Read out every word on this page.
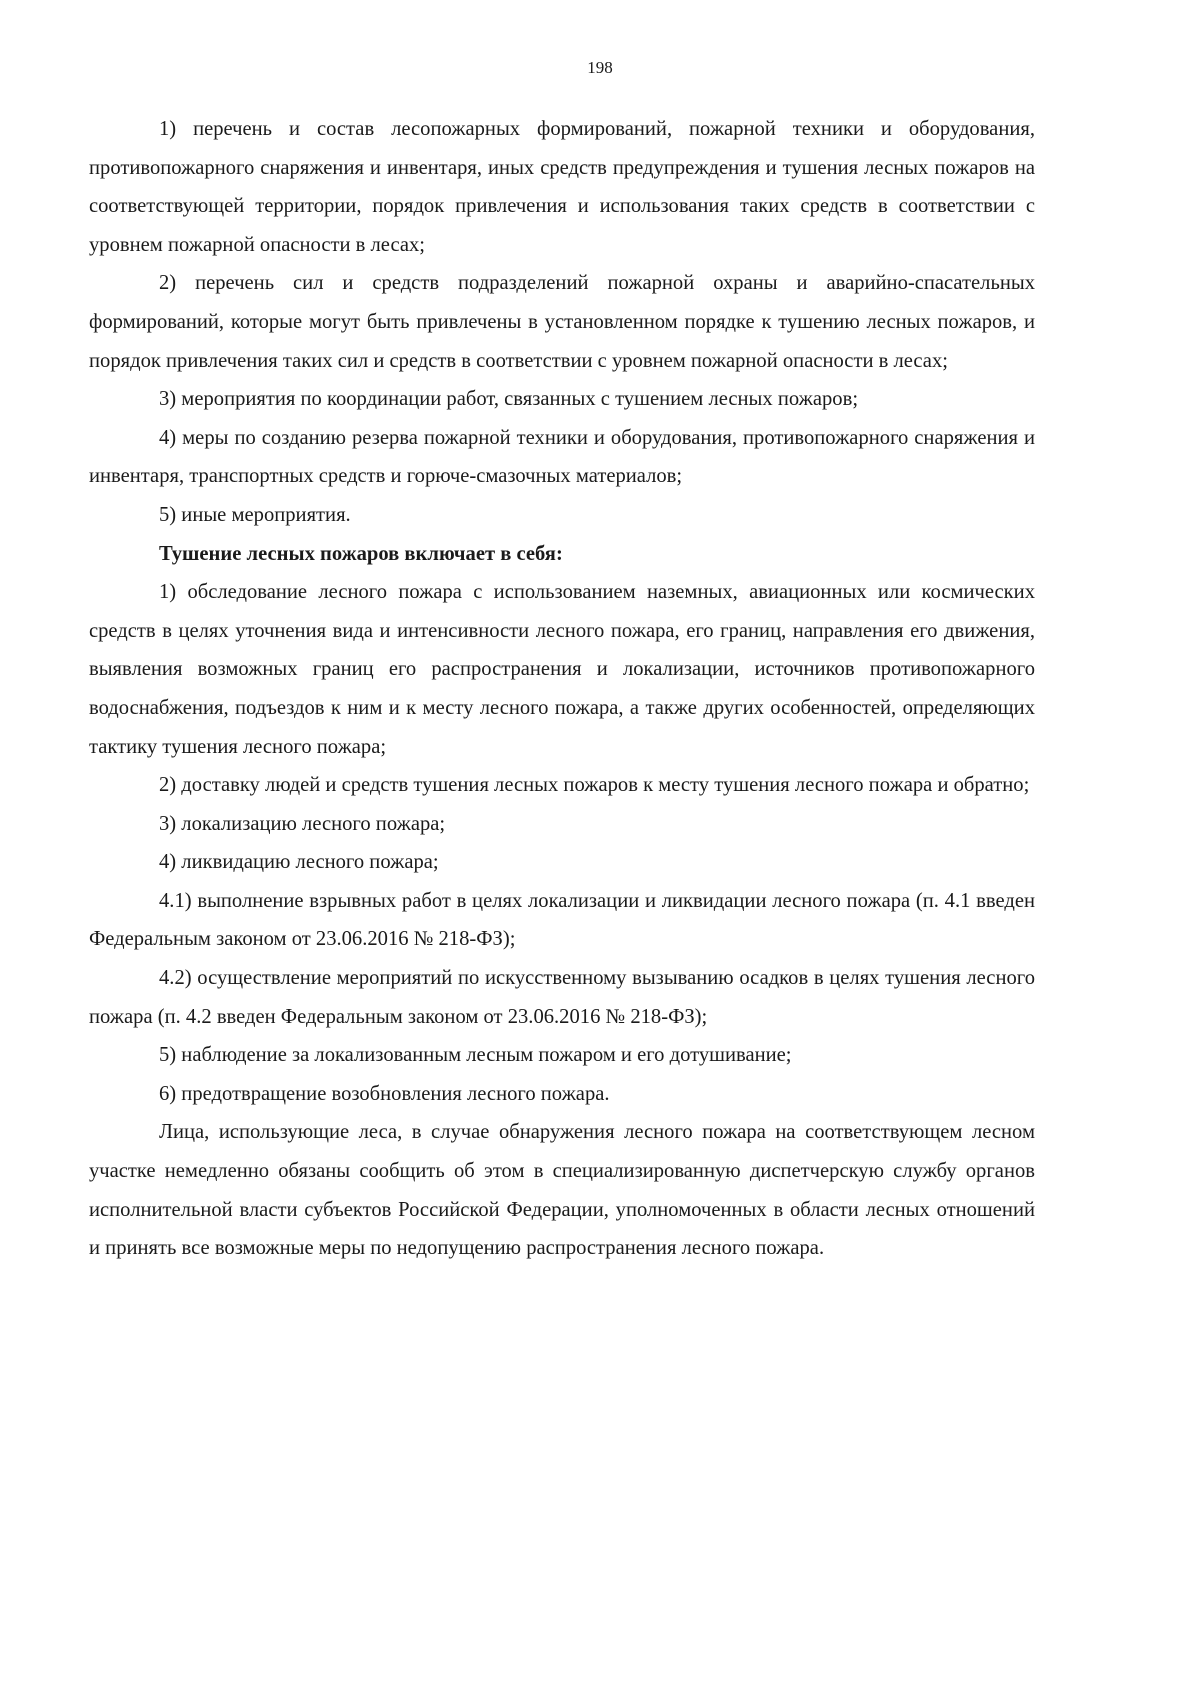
198

1) перечень и состав лесопожарных формирований, пожарной техники и оборудования, противопожарного снаряжения и инвентаря, иных средств предупреждения и тушения лесных пожаров на соответствующей территории, порядок привлечения и использования таких средств в соответствии с уровнем пожарной опасности в лесах;

2) перечень сил и средств подразделений пожарной охраны и аварийно-спасательных формирований, которые могут быть привлечены в установленном порядке к тушению лесных пожаров, и порядок привлечения таких сил и средств в соответствии с уровнем пожарной опасности в лесах;

3) мероприятия по координации работ, связанных с тушением лесных пожаров;

4) меры по созданию резерва пожарной техники и оборудования, противопожарного снаряжения и инвентаря, транспортных средств и горюче-смазочных материалов;

5) иные мероприятия.

Тушение лесных пожаров включает в себя:

1) обследование лесного пожара с использованием наземных, авиационных или космических средств в целях уточнения вида и интенсивности лесного пожара, его границ, направления его движения, выявления возможных границ его распространения и локализации, источников противопожарного водоснабжения, подъездов к ним и к месту лесного пожара, а также других особенностей, определяющих тактику тушения лесного пожара;

2) доставку людей и средств тушения лесных пожаров к месту тушения лесного пожара и обратно;

3) локализацию лесного пожара;

4) ликвидацию лесного пожара;

4.1) выполнение взрывных работ в целях локализации и ликвидации лесного пожара (п. 4.1 введен Федеральным законом от 23.06.2016 № 218-ФЗ);

4.2) осуществление мероприятий по искусственному вызыванию осадков в целях тушения лесного пожара (п. 4.2 введен Федеральным законом от 23.06.2016 № 218-ФЗ);

5) наблюдение за локализованным лесным пожаром и его дотушивание;

6) предотвращение возобновления лесного пожара.

Лица, использующие леса, в случае обнаружения лесного пожара на соответствующем лесном участке немедленно обязаны сообщить об этом в специализированную диспетчерскую службу органов исполнительной власти субъектов Российской Федерации, уполномоченных в области лесных отношений и принять все возможные меры по недопущению распространения лесного пожара.
